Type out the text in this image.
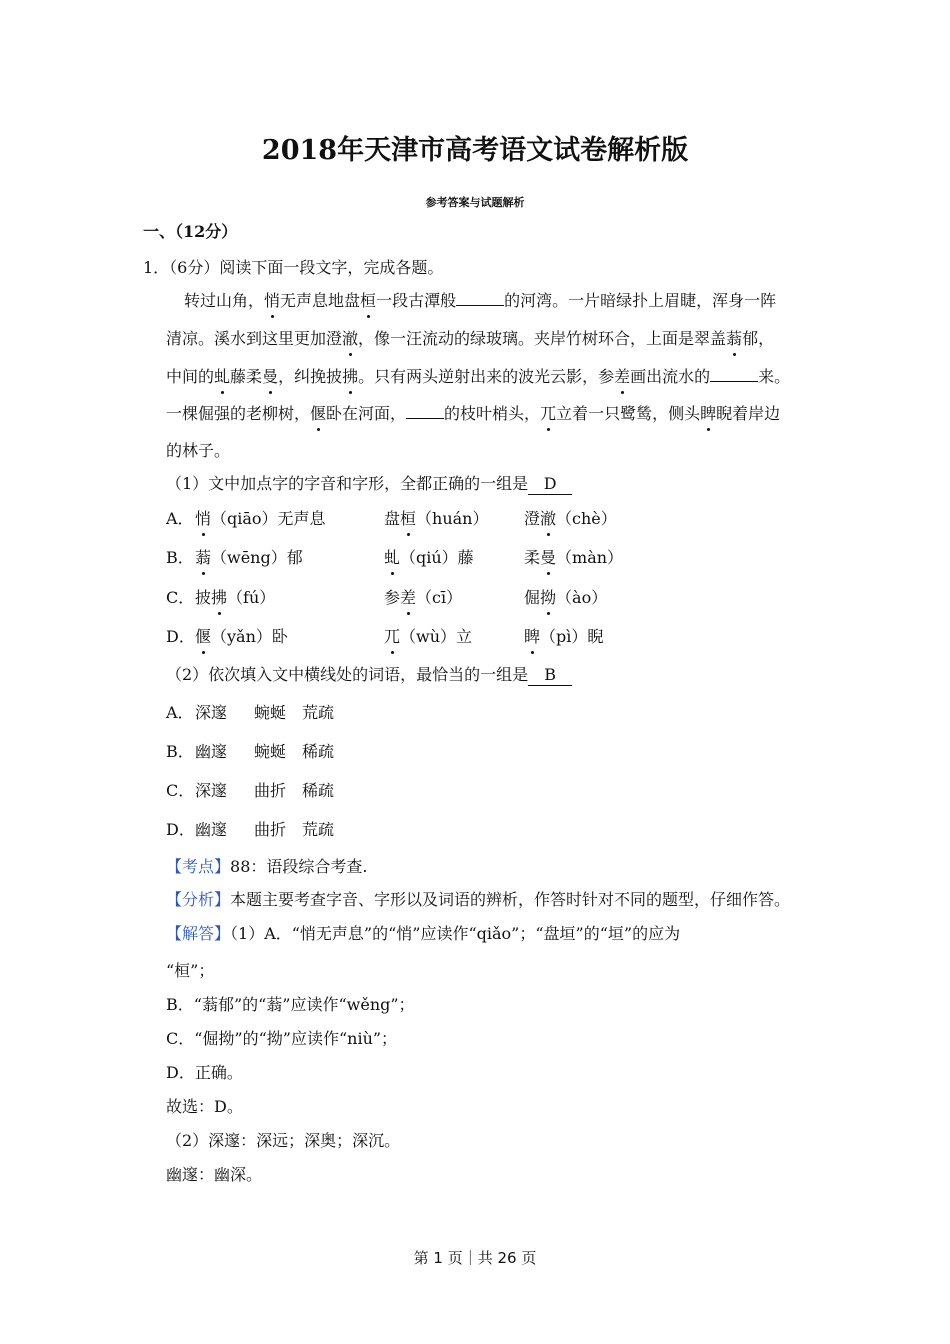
2018年天津市高考语文试卷解析版
参考答案与试题解析
一、（12分）
1．（6分）阅读下面一段文字，完成各题。
转过山角，悄无声息地盘桓一段古潭般	的河湾。一片暗绿扑上眉睫，浑身一阵
清凉。溪水到这里更加澄澈，像一汪流动的绿玻璃。夹岸竹树环合，上面是翠盖蓊郁，
中间的虬藤柔曼，纠挽披拂。只有两头逆射出来的波光云影，参差画出流水的	来。
一棵倔强的老柳树，偃卧在河面， 的枝叶梢头，兀立着一只鹭鸶，侧头睥睨着岸边
的林子。
（1）文中加点字的字音和字形，全都正确的一组是 D
A． 悄（qiāo）无声息	盘桓（huán） 澄澈（chè）
B． 蓊（wēng）郁	虬（qiú）藤	柔曼（màn）
C． 披拂（fú）	参差（cī）	倔拗（ào）
D． 偃（yǎn）卧	兀（wù）立	睥（pì）睨
（2）依次填入文中横线处的词语，最恰当的一组是 B
A． 深邃 蜿蜒 荒疏
B． 幽邃 蜿蜒 稀疏
C． 深邃 曲折 稀疏
D． 幽邃 曲折 荒疏
【考点】88：语段综合考查.
【分析】本题主要考查字音、字形以及词语的辨析，作答时针对不同的题型，仔细作答。
【解答】（1）A．“悄无声息”的“悄”应读作“qiǎo”；“盘垣”的“垣”的应为
“桓”；
B．“蓊郁”的“蓊”应读作“wěng”；
C．“倔拗”的“拗”应读作“niù”；
D．正确。
故选：D。
（2）深邃：深远；深奥；深沉。
幽邃：幽深。
第 1 页｜共 26 页
